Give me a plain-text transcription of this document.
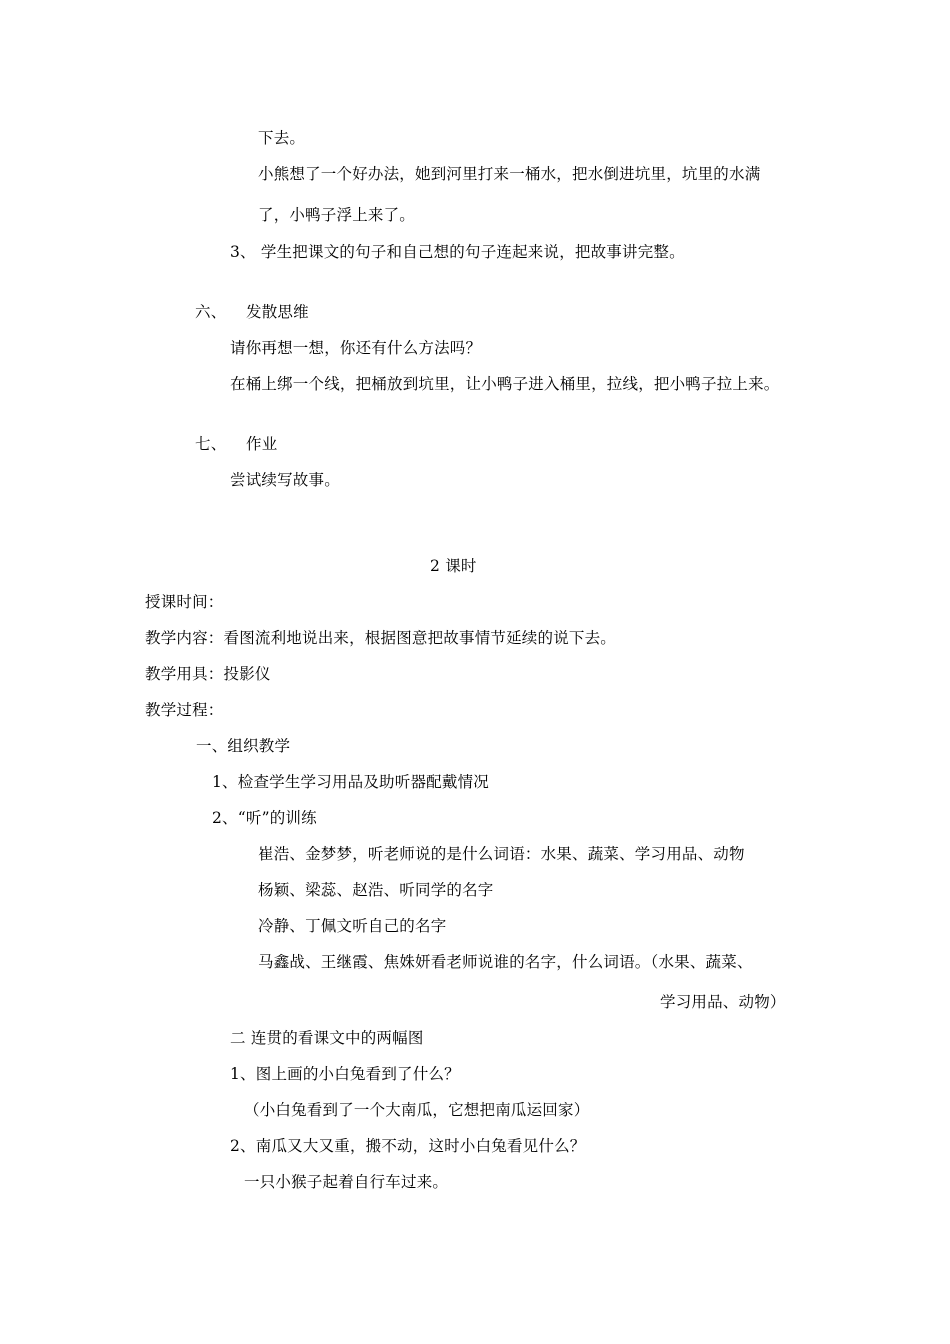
下去。
小熊想了一个好办法，她到河里打来一桶水，把水倒进坑里，坑里的水满
了，小鸭子浮上来了。
3、 学生把课文的句子和自己想的句子连起来说，把故事讲完整。
六、 发散思维
请你再想一想，你还有什么方法吗？
在桶上绑一个线，把桶放到坑里，让小鸭子进入桶里，拉线，把小鸭子拉上来。
七、 作业
尝试续写故事。
2 课时
授课时间：
教学内容：看图流利地说出来，根据图意把故事情节延续的说下去。
教学用具：投影仪
教学过程：
一、组织教学
1、检查学生学习用品及助听器配戴情况
2、“听”的训练
崔浩、金梦梦，听老师说的是什么词语：水果、蔬菜、学习用品、动物
杨颖、梁蕊、赵浩、听同学的名字
冷静、丁佩文听自己的名字
马鑫战、王继霞、焦姝妍看老师说谁的名字，什么词语。（水果、蔬菜、
学习用品、动物）
二 连贯的看课文中的两幅图
1、图上画的小白兔看到了什么？
（小白兔看到了一个大南瓜，它想把南瓜运回家）
2、南瓜又大又重，搬不动，这时小白兔看见什么？
一只小猴子起着自行车过来。
